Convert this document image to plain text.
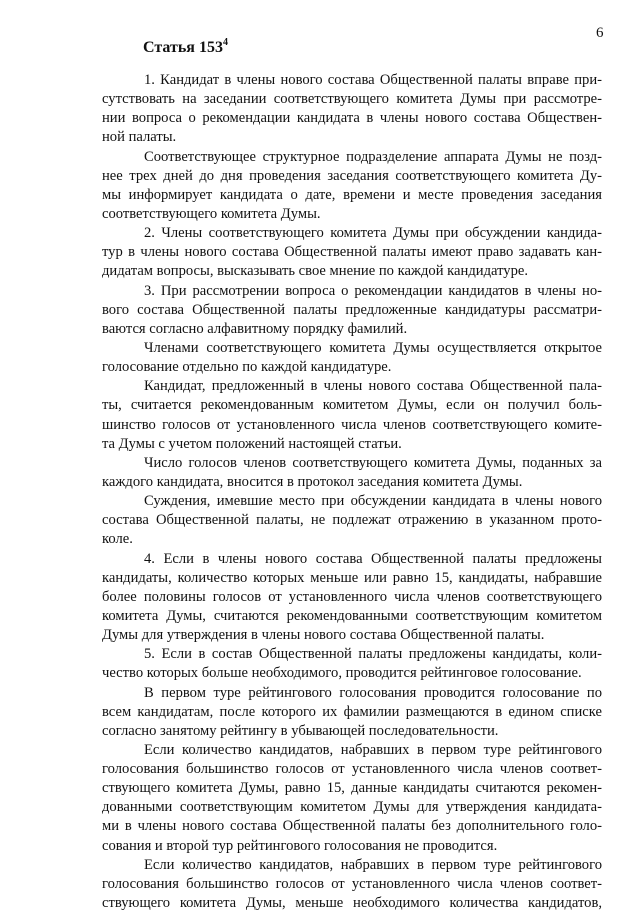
6
Статья $153^4$
1. Кандидат в члены нового состава Общественной палаты вправе при-
сутствовать на заседании соответствующего комитета Думы при рассмотре-
нии вопроса о рекомендации кандидата в члены нового состава Обществен-
ной палаты.
Соответствующее структурное подразделение аппарата Думы не позд-
нее трех дней до дня проведения заседания соответствующего комитета Ду-
мы информирует кандидата о дате, времени и месте проведения заседания
соответствующего комитета Думы.
2. Члены соответствующего комитета Думы при обсуждении кандида-
тур в члены нового состава Общественной палаты имеют право задавать кан-
дидатам вопросы, высказывать свое мнение по каждой кандидатуре.
3. При рассмотрении вопроса о рекомендации кандидатов в члены но-
вого состава Общественной палаты предложенные кандидатуры рассматри-
ваются согласно алфавитному порядку фамилий.
Членами соответствующего комитета Думы осуществляется открытое
голосование отдельно по каждой кандидатуре.
Кандидат, предложенный в члены нового состава Общественной пала-
ты, считается рекомендованным комитетом Думы, если он получил боль-
шинство голосов от установленного числа членов соответствующего комите-
та Думы с учетом положений настоящей статьи.
Число голосов членов соответствующего комитета Думы, поданных за
каждого кандидата, вносится в протокол заседания комитета Думы.
Суждения, имевшие место при обсуждении кандидата в члены нового
состава Общественной палаты, не подлежат отражению в указанном прото-
коле.
4. Если в члены нового состава Общественной палаты предложены
кандидаты, количество которых меньше или равно 15, кандидаты, набравшие
более половины голосов от установленного числа членов соответствующего
комитета Думы, считаются рекомендованными соответствующим комитетом
Думы для утверждения в члены нового состава Общественной палаты.
5. Если в состав Общественной палаты предложены кандидаты, коли-
чество которых больше необходимого, проводится рейтинговое голосование.
В первом туре рейтингового голосования проводится голосование по
всем кандидатам, после которого их фамилии размещаются в едином списке
согласно занятому рейтингу в убывающей последовательности.
Если количество кандидатов, набравших в первом туре рейтингового
голосования большинство голосов от установленного числа членов соответ-
ствующего комитета Думы, равно 15, данные кандидаты считаются рекомен-
дованными соответствующим комитетом Думы для утверждения кандидата-
ми в члены нового состава Общественной палаты без дополнительного голо-
сования и второй тур рейтингового голосования не проводится.
Если количество кандидатов, набравших в первом туре рейтингового
голосования большинство голосов от установленного числа членов соответ-
ствующего комитета Думы, меньше необходимого количества кандидатов,
